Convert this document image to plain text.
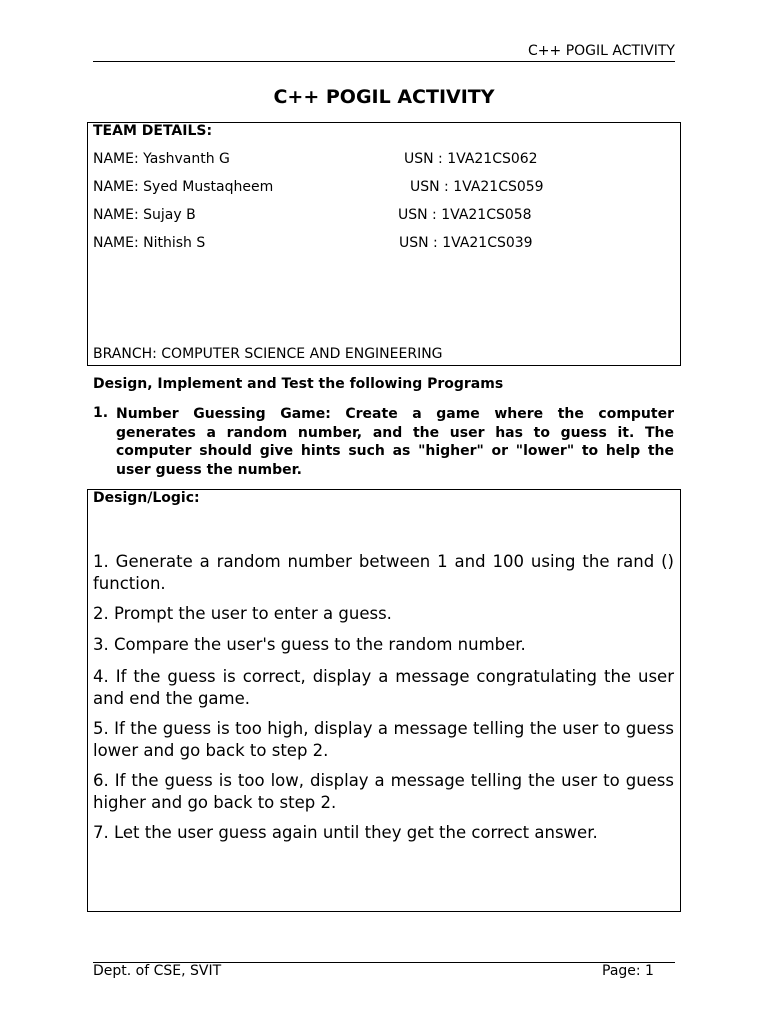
C++ POGIL ACTIVITY
C++ POGIL ACTIVITY
TEAM DETAILS:
NAME: Yashvanth G	USN : 1VA21CS062
NAME: Syed Mustaqheem	USN : 1VA21CS059
NAME: Sujay B	USN : 1VA21CS058
NAME: Nithish S	USN : 1VA21CS039
BRANCH: COMPUTER SCIENCE AND ENGINEERING
Design, Implement and Test the following Programs
1. Number Guessing Game: Create a game where the computer generates a random number, and the user has to guess it. The computer should give hints such as "higher" or "lower" to help the user guess the number.
Design/Logic:
1. Generate a random number between 1 and 100 using the rand () function.
2. Prompt the user to enter a guess.
3. Compare the user's guess to the random number.
4. If the guess is correct, display a message congratulating the user and end the game.
5. If the guess is too high, display a message telling the user to guess lower and go back to step 2.
6. If the guess is too low, display a message telling the user to guess higher and go back to step 2.
7. Let the user guess again until they get the correct answer.
Dept. of CSE, SVIT	Page: 1
